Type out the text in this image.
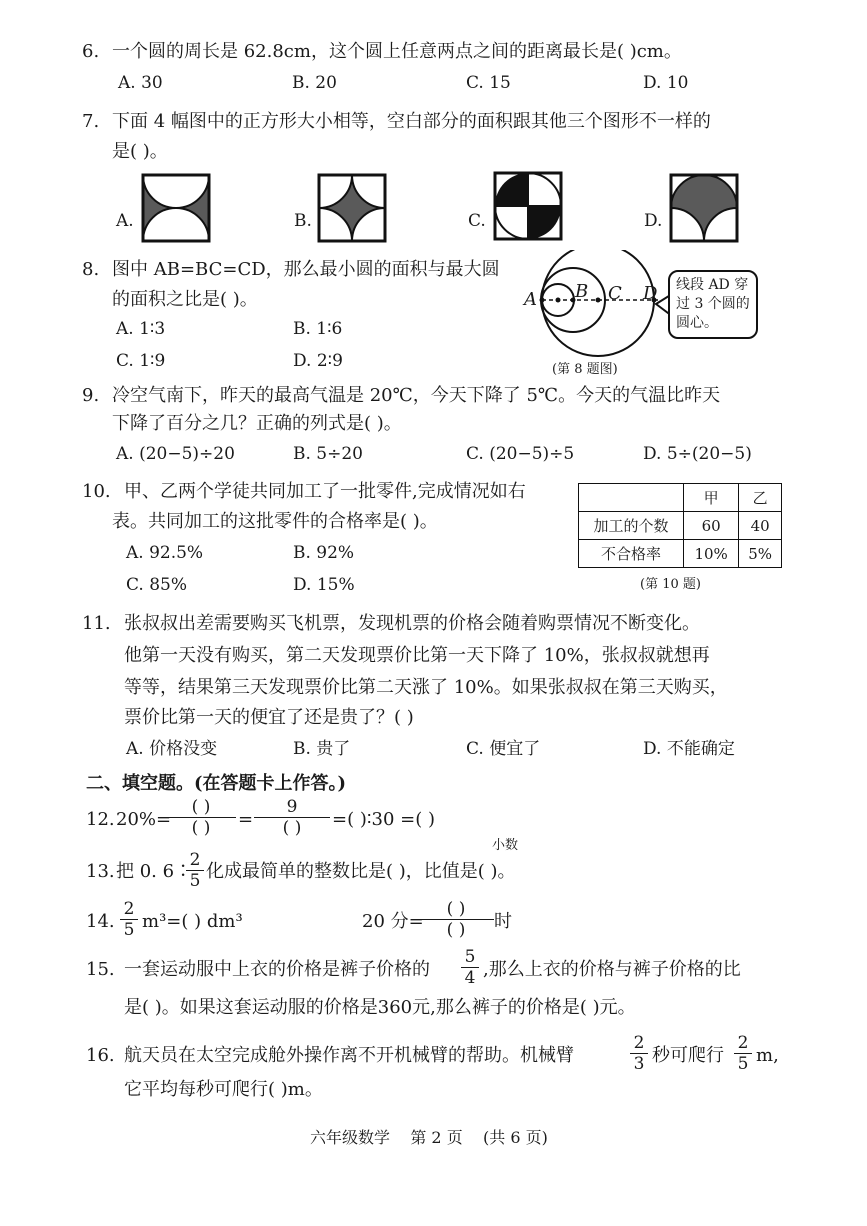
6. 一个圆的周长是 62.8cm，这个圆上任意两点之间的距离最长是( )cm。
A. 30	B. 20	C. 15	D. 10
7. 下面 4 幅图中的正方形大小相等，空白部分的面积跟其他三个图形不一样的
是( )。
A.	B.	C.	D.
8. 图中 AB=BC=CD，那么最小圆的面积与最大圆
的面积之比是( )。
A. 1∶3	B. 1∶6
C. 1∶9	D. 2∶9
A B C D 线段 AD 穿
过 3 个圆的
圆心。
(第 8 题图)
9. 冷空气南下，昨天的最高气温是 20℃，今天下降了 5℃。今天的气温比昨天
下降了百分之几？正确的列式是( )。
A. (20−5)÷20	B. 5÷20	C. (20−5)÷5	D. 5÷(20−5)
10. 甲、乙两个学徒共同加工了一批零件,完成情况如右
表。共同加工的这批零件的合格率是( )。
A. 92.5%	B. 92%
C. 85%	D. 15%
	甲	乙
加工的个数	60	40
不合格率	10%	5%
(第 10 题)
11. 张叔叔出差需要购买飞机票，发现机票的价格会随着购票情况不断变化。
他第一天没有购买，第二天发现票价比第一天下降了 10%，张叔叔就想再
等等，结果第三天发现票价比第二天涨了 10%。如果张叔叔在第三天购买，
票价比第一天的便宜了还是贵了？( )
A. 价格没变	B. 贵了	C. 便宜了	D. 不能确定
二、填空题。(在答题卡上作答。)
12. 20%=
( )
( ) =
9
( ) =( )∶30 =( )
小数
13. 把 0. 6∶
2
5 化成最简单的整数比是( )，比值是( )。
14.
2
5 m³=( ) dm³	20 分=
( )
( ) 时
15. 一套运动服中上衣的价格是裤子价格的
5
4 ,那么上衣的价格与裤子价格的比
是( )。如果这套运动服的价格是360元,那么裤子的价格是( )元。
16. 航天员在太空完成舱外操作离不开机械臂的帮助。机械臂
2
3 秒可爬行
2
5 m,
它平均每秒可爬行( )m。
六年级数学    第 2 页    (共 6 页)
